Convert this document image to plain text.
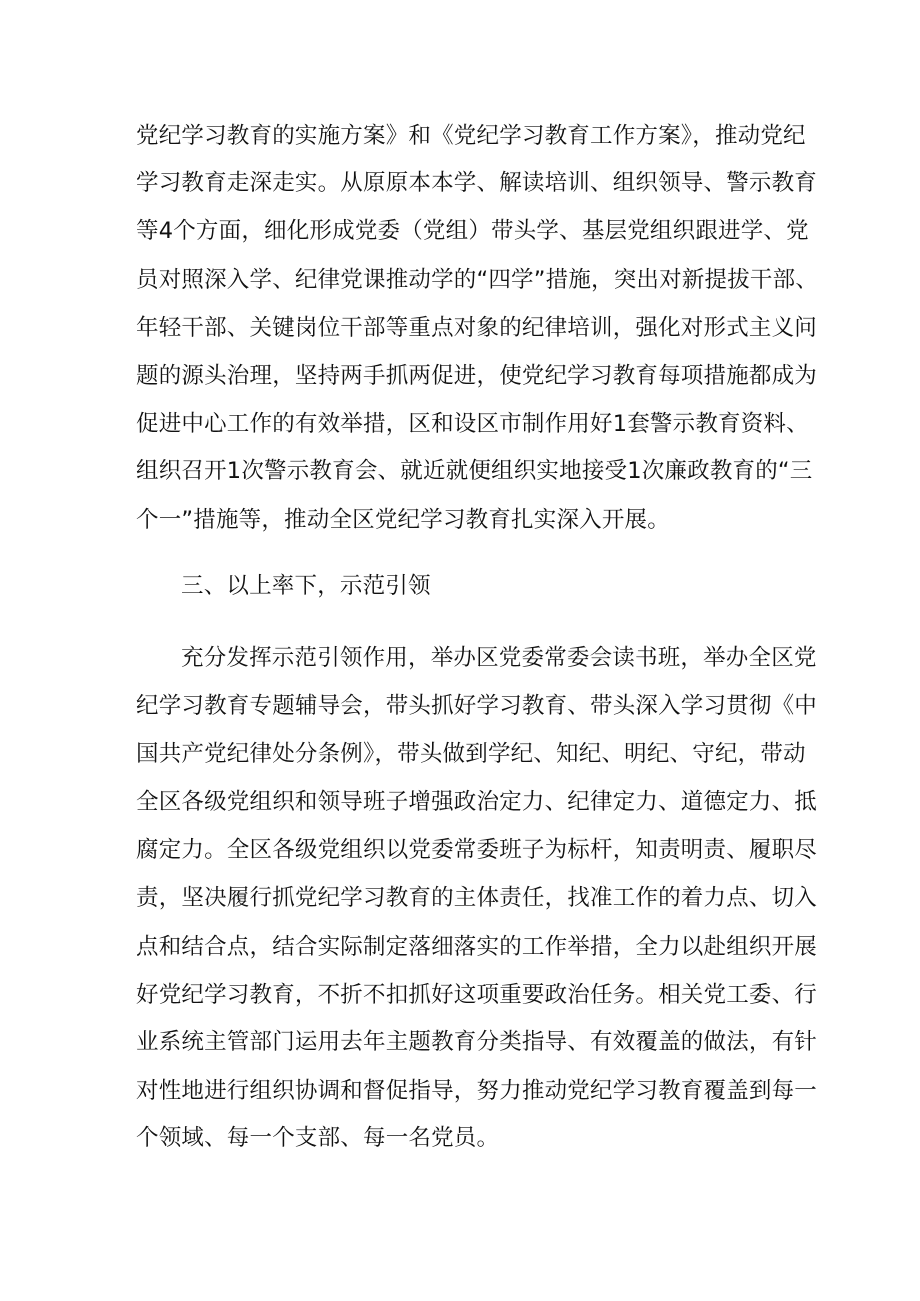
党纪学习教育的实施方案》和《党纪学习教育工作方案》，推动党纪
学习教育走深走实。从原原本本学、解读培训、组织领导、警示教育
等4个方面，细化形成党委（党组）带头学、基层党组织跟进学、党
员对照深入学、纪律党课推动学的“四学”措施，突出对新提拔干部、
年轻干部、关键岗位干部等重点对象的纪律培训，强化对形式主义问
题的源头治理，坚持两手抓两促进，使党纪学习教育每项措施都成为
促进中心工作的有效举措，区和设区市制作用好1套警示教育资料、
组织召开1次警示教育会、就近就便组织实地接受1次廉政教育的“三
个一”措施等，推动全区党纪学习教育扎实深入开展。
三、以上率下，示范引领
充分发挥示范引领作用，举办区党委常委会读书班，举办全区党
纪学习教育专题辅导会，带头抓好学习教育、带头深入学习贯彻《中
国共产党纪律处分条例》，带头做到学纪、知纪、明纪、守纪，带动
全区各级党组织和领导班子增强政治定力、纪律定力、道德定力、抵
腐定力。全区各级党组织以党委常委班子为标杆，知责明责、履职尽
责，坚决履行抓党纪学习教育的主体责任，找准工作的着力点、切入
点和结合点，结合实际制定落细落实的工作举措，全力以赴组织开展
好党纪学习教育，不折不扣抓好这项重要政治任务。相关党工委、行
业系统主管部门运用去年主题教育分类指导、有效覆盖的做法，有针
对性地进行组织协调和督促指导，努力推动党纪学习教育覆盖到每一
个领域、每一个支部、每一名党员。
